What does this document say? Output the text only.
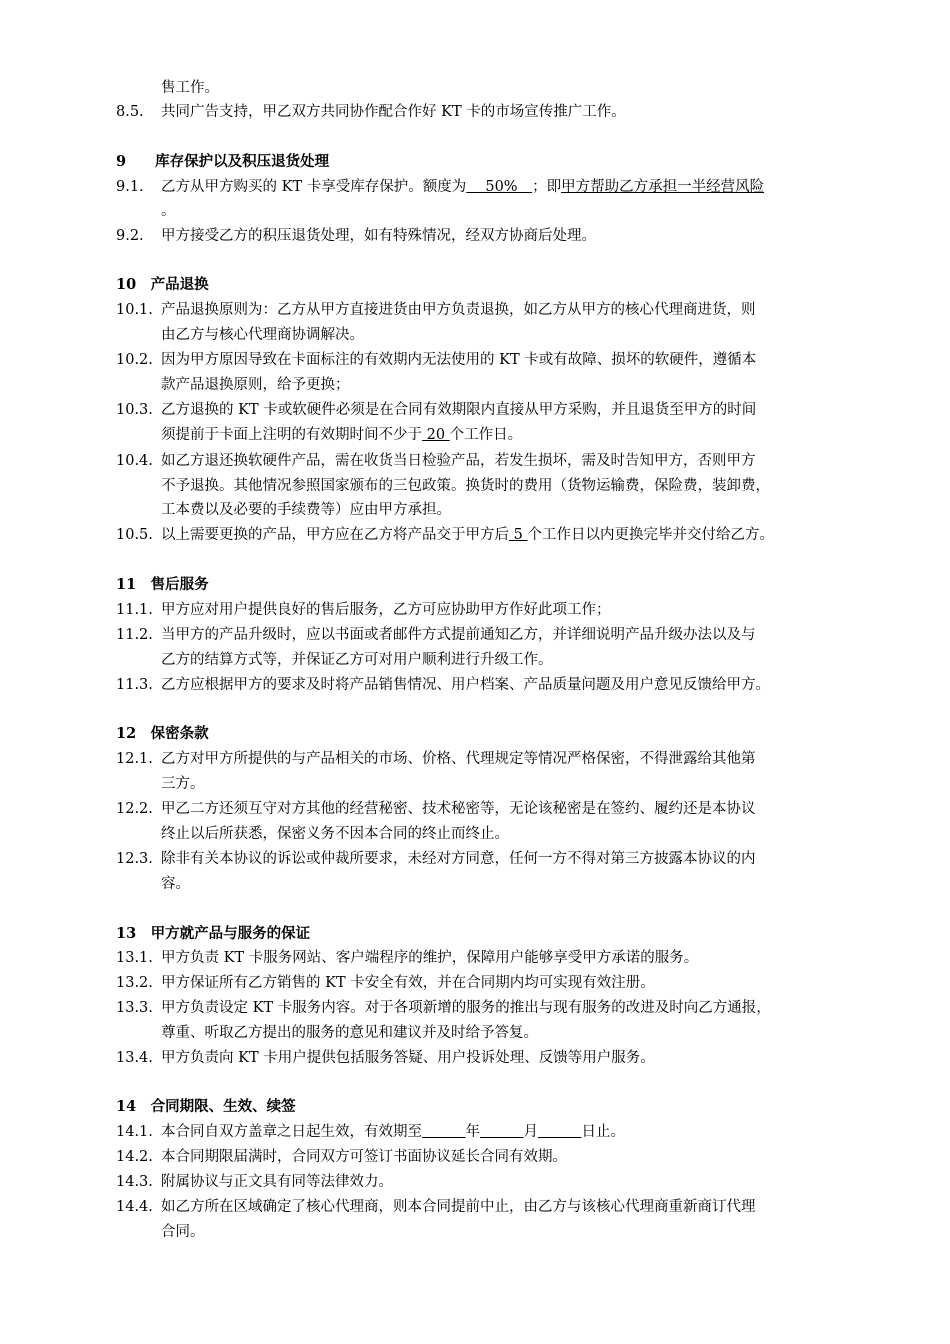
售工作。
8.5. 共同广告支持，甲乙双方共同协作配合作好 KT 卡的市场宣传推广工作。
9　　库存保护以及积压退货处理
9.1. 乙方从甲方购买的 KT 卡享受库存保护。额度为　 50%　；即甲方帮助乙方承担一半经营风险
。
9.2. 甲方接受乙方的积压退货处理，如有特殊情况，经双方协商后处理。
10　产品退换
10.1. 产品退换原则为：乙方从甲方直接进货由甲方负责退换，如乙方从甲方的核心代理商进货，则
由乙方与核心代理商协调解决。
10.2. 因为甲方原因导致在卡面标注的有效期内无法使用的 KT 卡或有故障、损坏的软硬件，遵循本
款产品退换原则，给予更换；
10.3. 乙方退换的 KT 卡或软硬件必须是在合同有效期限内直接从甲方采购，并且退货至甲方的时间
须提前于卡面上注明的有效期时间不少于 20 个工作日。
10.4. 如乙方退还换软硬件产品，需在收货当日检验产品，若发生损坏，需及时告知甲方，否则甲方
不予退换。其他情况参照国家颁布的三包政策。换货时的费用（货物运输费，保险费，装卸费，
工本费以及必要的手续费等）应由甲方承担。
10.5. 以上需要更换的产品，甲方应在乙方将产品交于甲方后 5 个工作日以内更换完毕并交付给乙方。
11　售后服务
11.1. 甲方应对用户提供良好的售后服务，乙方可应协助甲方作好此项工作；
11.2. 当甲方的产品升级时，应以书面或者邮件方式提前通知乙方，并详细说明产品升级办法以及与
乙方的结算方式等，并保证乙方可对用户顺利进行升级工作。
11.3. 乙方应根据甲方的要求及时将产品销售情况、用户档案、产品质量问题及用户意见反馈给甲方。
12　保密条款
12.1. 乙方对甲方所提供的与产品相关的市场、价格、代理规定等情况严格保密，不得泄露给其他第
三方。
12.2. 甲乙二方还须互守对方其他的经营秘密、技术秘密等，无论该秘密是在签约、履约还是本协议
终止以后所获悉，保密义务不因本合同的终止而终止。
12.3. 除非有关本协议的诉讼或仲裁所要求，未经对方同意，任何一方不得对第三方披露本协议的内
容。
13　甲方就产品与服务的保证
13.1. 甲方负责 KT 卡服务网站、客户端程序的维护，保障用户能够享受甲方承诺的服务。
13.2. 甲方保证所有乙方销售的 KT 卡安全有效，并在合同期内均可实现有效注册。
13.3. 甲方负责设定 KT 卡服务内容。对于各项新增的服务的推出与现有服务的改进及时向乙方通报，
尊重、听取乙方提出的服务的意见和建议并及时给予答复。
13.4. 甲方负责向 KT 卡用户提供包括服务答疑、用户投诉处理、反馈等用户服务。
14　合同期限、生效、续签
14.1. 本合同自双方盖章之日起生效，有效期至　　　	年　　　	月　　　	日止。
14.2. 本合同期限届满时，合同双方可签订书面协议延长合同有效期。
14.3. 附属协议与正文具有同等法律效力。
14.4. 如乙方所在区域确定了核心代理商，则本合同提前中止，由乙方与该核心代理商重新商订代理
合同。
